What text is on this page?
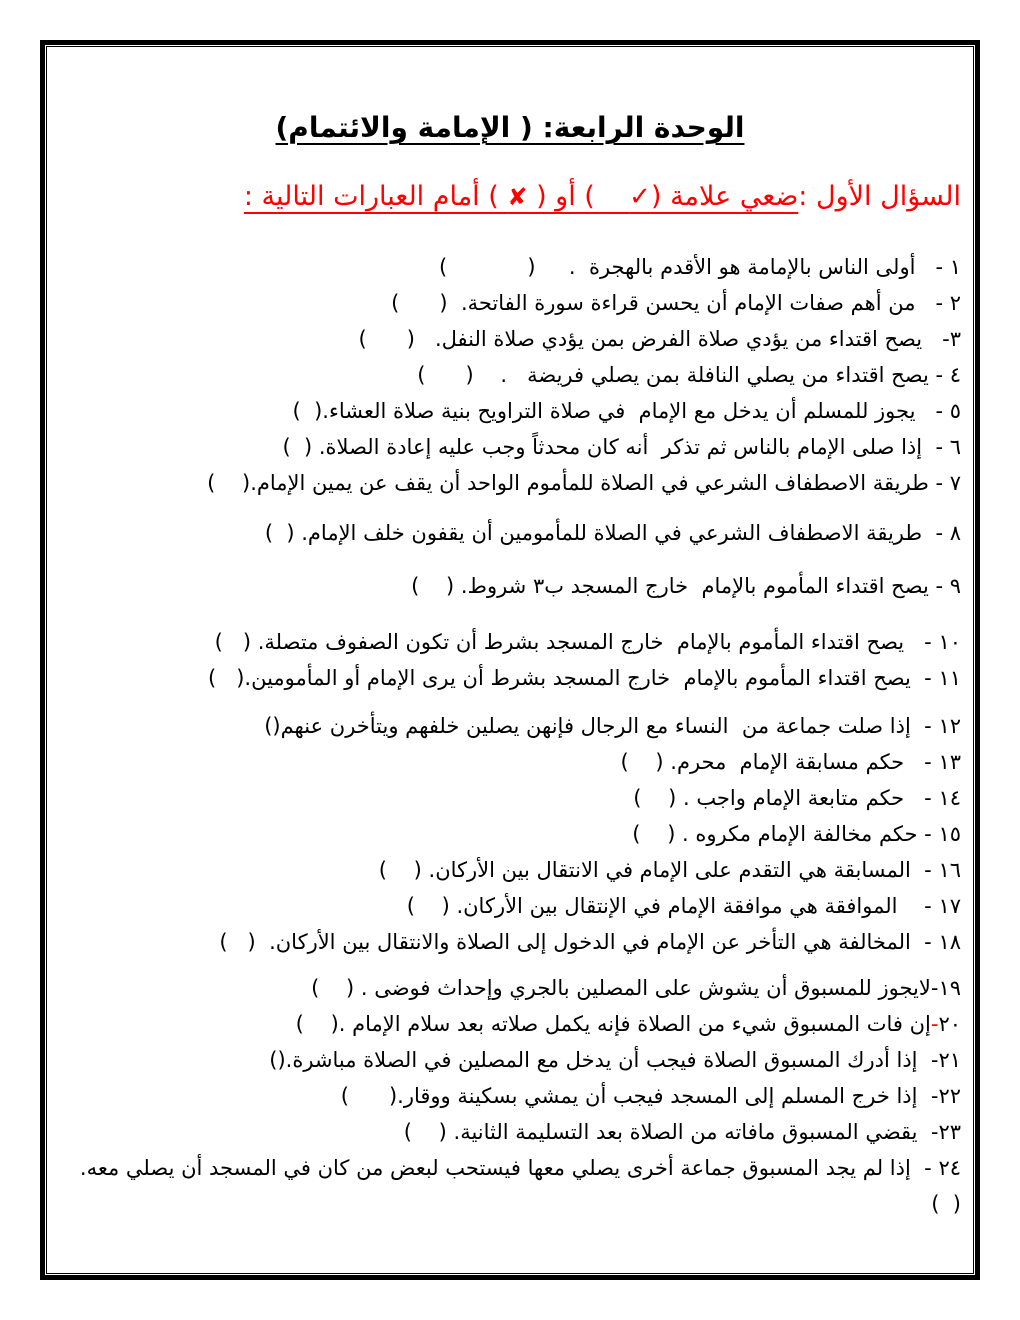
الوحدة الرابعة: ( الإمامة والائتمام)
السؤال الأول :ضعي علامة (✓    ) أو ( ✘ ) أمام العبارات التالية :
١ -   أولى الناس بالإمامة هو الأقدم بالهجرة  .     (            )
٢ -   من أهم صفات الإمام أن يحسن قراءة سورة الفاتحة.  (      )
٣-   يصح اقتداء من يؤدي صلاة الفرض بمن يؤدي صلاة النفل.   (      )
٤ - يصح اقتداء من يصلي النافلة بمن يصلي فريضة   .    (      )
٥ -   يجوز للمسلم أن يدخل مع الإمام  في صلاة التراويح بنية صلاة العشاء.(  )
٦ -  إذا صلى الإمام بالناس ثم تذكر  أنه كان محدثاً وجب عليه إعادة الصلاة. (  )
٧ - طريقة الاصطفاف الشرعي في الصلاة للمأموم الواحد أن يقف عن يمين الإمام.(    )
٨ -  طريقة الاصطفاف الشرعي في الصلاة للمأمومين أن يقفون خلف الإمام. (  )
٩ - يصح اقتداء المأموم بالإمام  خارج المسجد ب٣ شروط. (    )
١٠ -   يصح اقتداء المأموم بالإمام  خارج المسجد بشرط أن تكون الصفوف متصلة. (   )
١١ -  يصح اقتداء المأموم بالإمام  خارج المسجد بشرط أن يرى الإمام أو المأمومين.(   )
١٢ -  إذا صلت جماعة من  النساء مع الرجال فإنهن يصلين خلفهم ويتأخرن عنهم()
١٣ -   حكم مسابقة الإمام  محرم. (    )
١٤ -   حكم متابعة الإمام واجب . (    )
١٥ - حكم مخالفة الإمام مكروه . (    )
١٦ -  المسابقة هي التقدم على الإمام في الانتقال بين الأركان. (    )
١٧ -    الموافقة هي موافقة الإمام في الإنتقال بين الأركان. (    )
١٨ -  المخالفة هي التأخر عن الإمام في الدخول إلى الصلاة والانتقال بين الأركان.  (   )
١٩-لايجوز للمسبوق أن يشوش على المصلين بالجري وإحداث فوضى . (    )
٢٠-إن فات المسبوق شيء من الصلاة فإنه يكمل صلاته بعد سلام الإمام .(    )
٢١-  إذا أدرك المسبوق الصلاة فيجب أن يدخل مع المصلين في الصلاة مباشرة.()
٢٢-  إذا خرج المسلم إلى المسجد فيجب أن يمشي بسكينة ووقار.(      )
٢٣-  يقضي المسبوق مافاته من الصلاة بعد التسليمة الثانية. (    )
٢٤ -  إذا لم يجد المسبوق جماعة أخرى يصلي معها فيستحب لبعض من كان في المسجد أن يصلي معه.
(  )
